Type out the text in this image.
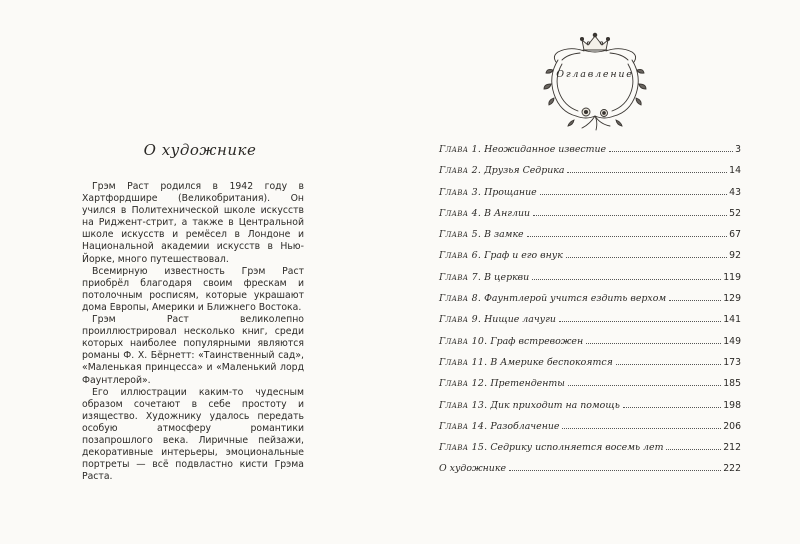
О художнике

Грэм Раст родился в 1942 году в Хартфордшире (Великобритания). Он учился в Политехнической школе искусств на Риджент-стрит, а также в Центральной школе искусств и ремёсел в Лондоне и Национальной академии искусств в Нью-Йорке, много путешествовал.

Всемирную известность Грэм Раст приобрёл благодаря своим фрескам и потолочным росписям, которые украшают дома Европы, Америки и Ближнего Востока.

Грэм Раст великолепно проиллюстрировал несколько книг, среди которых наиболее популярными являются романы Ф. Х. Бёрнетт: «Таинственный сад», «Маленькая принцесса» и «Маленький лорд Фаунтлерой».

Его иллюстрации каким-то чудесным образом сочетают в себе простоту и изящество. Художнику удалось передать особую атмосферу романтики позапрошлого века. Лиричные пейзажи, декоративные интерьеры, эмоциональные портреты — всё подвластно кисти Грэма Раста.

Оглавление
Глава 1. Неожиданное известие	3
Глава 2. Друзья Седрика	14
Глава 3. Прощание	43
Глава 4. В Англии	52
Глава 5. В замке	67
Глава 6. Граф и его внук	92
Глава 7. В церкви	119
Глава 8. Фаунтлерой учится ездить верхом	129
Глава 9. Нищие лачуги	141
Глава 10. Граф встревожен	149
Глава 11. В Америке беспокоятся	173
Глава 12. Претенденты	185
Глава 13. Дик приходит на помощь	198
Глава 14. Разоблачение	206
Глава 15. Седрику исполняется восемь лет	212
О художнике	222
